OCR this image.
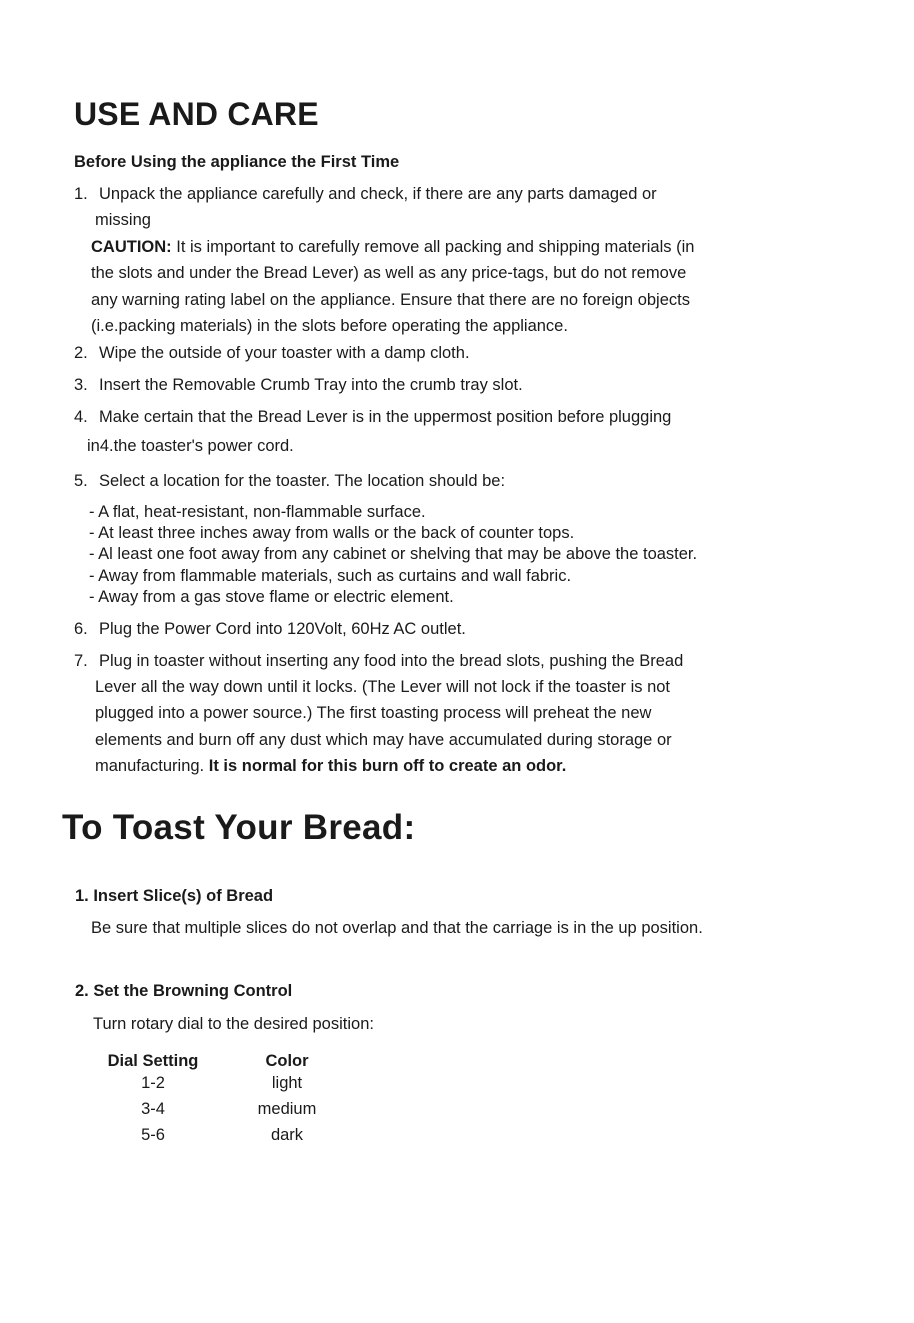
USE AND CARE
Before Using the appliance the First Time
1. Unpack the appliance carefully and check, if there are any parts damaged or
missing
CAUTION: It is important to carefully remove all packing and shipping materials (in
the slots and under the Bread Lever) as well as any price-tags, but do not remove
any warning rating label on the appliance. Ensure that there are no foreign objects
(i.e.packing materials) in the slots before operating the appliance.
2. Wipe the outside of your toaster with a damp cloth.
3. Insert the Removable Crumb Tray into the crumb tray slot.
4. Make certain that the Bread Lever is in the uppermost position before plugging
in4.the toaster's power cord.
5. Select a location for the toaster. The location should be:
- A flat, heat-resistant, non-flammable surface.
- At least three inches away from walls or the back of counter tops.
- Al least one foot away from any cabinet or shelving that may be above the toaster.
- Away from flammable materials, such as curtains and wall fabric.
- Away from a gas stove flame or electric element.
6. Plug the Power Cord into 120Volt, 60Hz AC outlet.
7. Plug in toaster without inserting any food into the bread slots, pushing the Bread
Lever all the way down until it locks. (The Lever will not lock if the toaster is not
plugged into a power source.) The first toasting process will preheat the new
elements and burn off any dust which may have accumulated during storage or
manufacturing. It is normal for this burn off to create an odor.
To Toast Your Bread:
1. Insert Slice(s) of Bread
Be sure that multiple slices do not overlap and that the carriage is in the up position.
2. Set the Browning Control
Turn rotary dial to the desired position:
Dial Setting	Color
1-2	light
3-4	medium
5-6	dark
